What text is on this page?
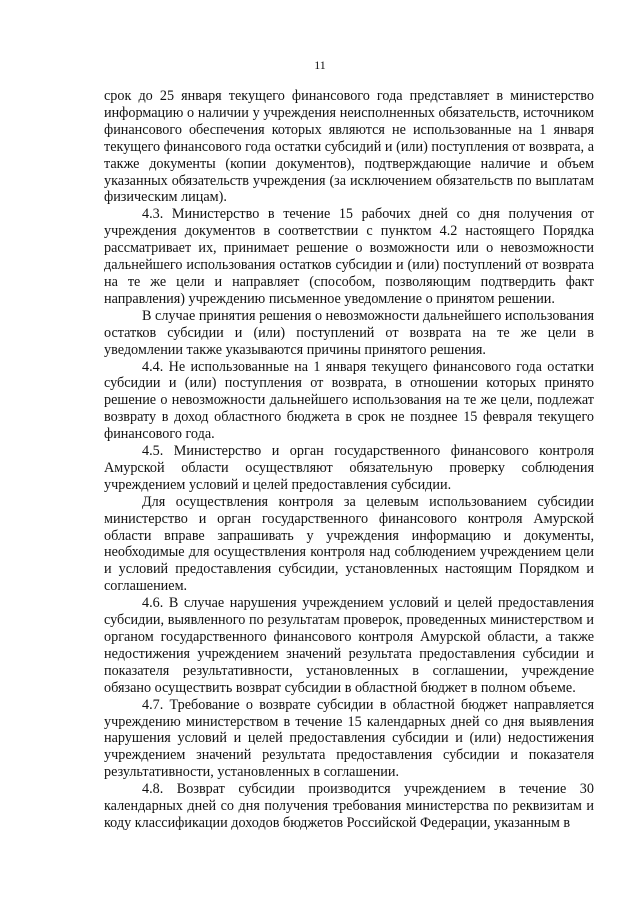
11

срок до 25 января текущего финансового года представляет в министерство информацию о наличии у учреждения неисполненных обязательств, источником финансового обеспечения которых являются не использованные на 1 января текущего финансового года остатки субсидий и (или) поступления от возврата, а также документы (копии документов), подтверждающие наличие и объем указанных обязательств учреждения (за исключением обязательств по выплатам физическим лицам).

4.3. Министерство в течение 15 рабочих дней со дня получения от учреждения документов в соответствии с пунктом 4.2 настоящего Порядка рассматривает их, принимает решение о возможности или о невозможности дальнейшего использования остатков субсидии и (или) поступлений от возврата на те же цели и направляет (способом, позволяющим подтвердить факт направления) учреждению письменное уведомление о принятом решении.

В случае принятия решения о невозможности дальнейшего использования остатков субсидии и (или) поступлений от возврата на те же цели в уведомлении также указываются причины принятого решения.

4.4. Не использованные на 1 января текущего финансового года остатки субсидии и (или) поступления от возврата, в отношении которых принято решение о невозможности дальнейшего использования на те же цели, подлежат возврату в доход областного бюджета в срок не позднее 15 февраля текущего финансового года.

4.5. Министерство и орган государственного финансового контроля Амурской области осуществляют обязательную проверку соблюдения учреждением условий и целей предоставления субсидии.

Для осуществления контроля за целевым использованием субсидии министерство и орган государственного финансового контроля Амурской области вправе запрашивать у учреждения информацию и документы, необходимые для осуществления контроля над соблюдением учреждением цели и условий предоставления субсидии, установленных настоящим Порядком и соглашением.

4.6. В случае нарушения учреждением условий и целей предоставления субсидии, выявленного по результатам проверок, проведенных министерством и органом государственного финансового контроля Амурской области, а также недостижения учреждением значений результата предоставления субсидии и показателя результативности, установленных в соглашении, учреждение обязано осуществить возврат субсидии в областной бюджет в полном объеме.

4.7. Требование о возврате субсидии в областной бюджет направляется учреждению министерством в течение 15 календарных дней со дня выявления нарушения условий и целей предоставления субсидии и (или) недостижения учреждением значений результата предоставления субсидии и показателя результативности, установленных в соглашении.

4.8. Возврат субсидии производится учреждением в течение 30 календарных дней со дня получения требования министерства по реквизитам и коду классификации доходов бюджетов Российской Федерации, указанным в
